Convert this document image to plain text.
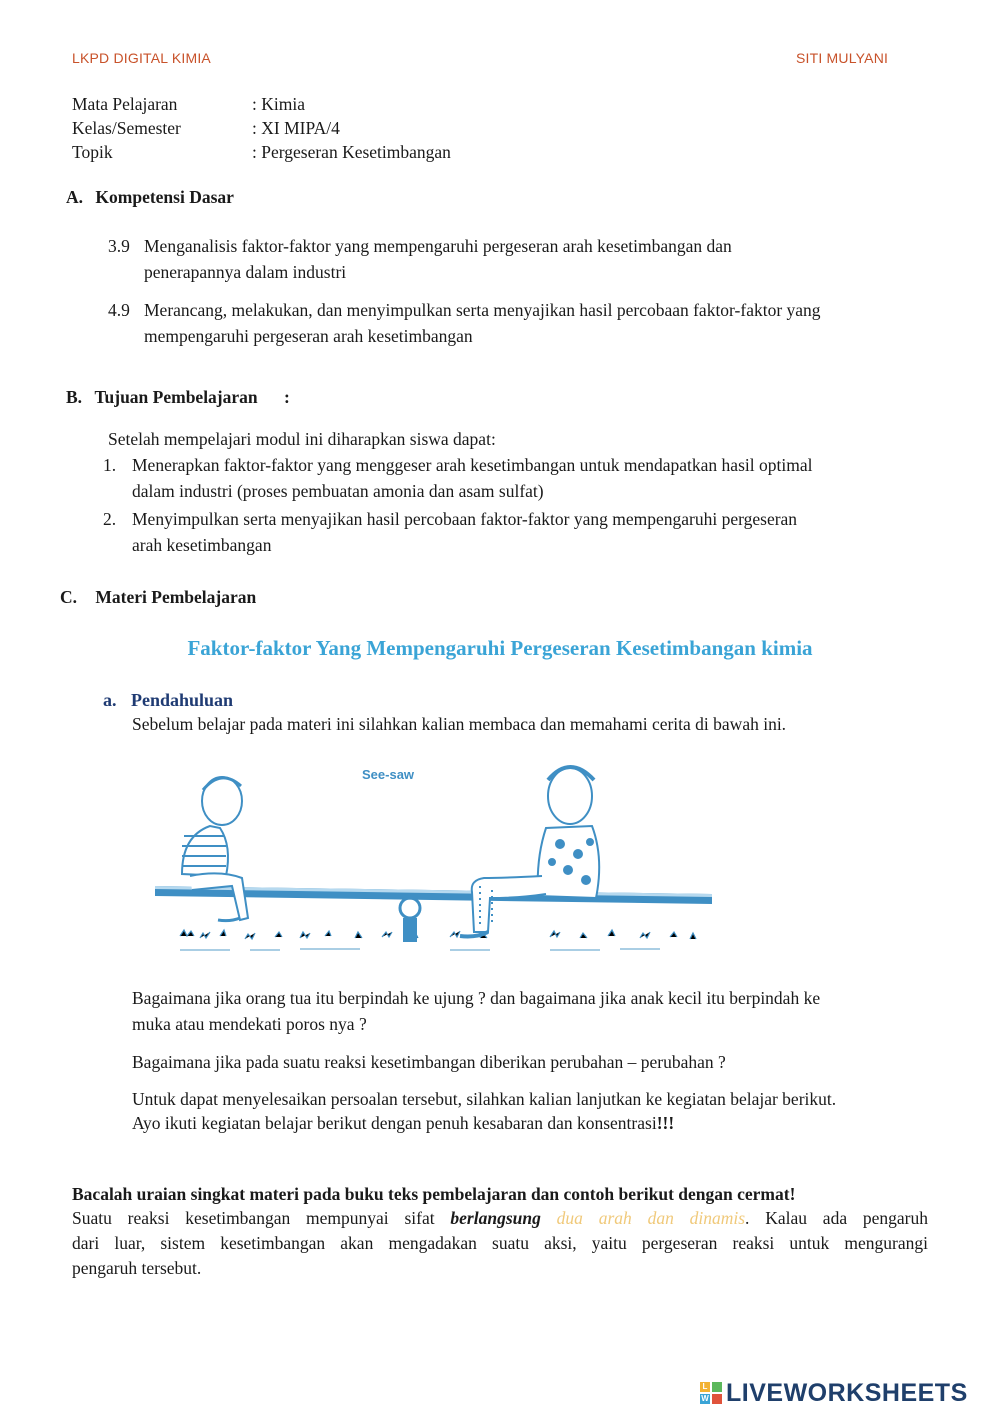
LKPD DIGITAL KIMIA	SITI MULYANI
Mata Pelajaran	: Kimia
Kelas/Semester	: XI MIPA/4
Topik	: Pergeseran Kesetimbangan
A. Kompetensi Dasar
3.9 Menganalisis faktor-faktor yang mempengaruhi pergeseran arah kesetimbangan dan
penerapannya dalam industri
4.9 Merancang, melakukan, dan menyimpulkan serta menyajikan hasil percobaan faktor-faktor yang
mempengaruhi pergeseran arah kesetimbangan
B. Tujuan Pembelajaran :
Setelah mempelajari modul ini diharapkan siswa dapat:
1. Menerapkan faktor-faktor yang menggeser arah kesetimbangan untuk mendapatkan hasil optimal
dalam industri (proses pembuatan amonia dan asam sulfat)
2. Menyimpulkan serta menyajikan hasil percobaan faktor-faktor yang mempengaruhi pergeseran
arah kesetimbangan
C. Materi Pembelajaran
Faktor-faktor Yang Mempengaruhi Pergeseran Kesetimbangan kimia
a. Pendahuluan
Sebelum belajar pada materi ini silahkan kalian membaca dan memahami cerita di bawah ini.
See-saw
Bagaimana jika orang tua itu berpindah ke ujung ? dan bagaimana jika anak kecil itu berpindah ke
muka atau mendekati poros nya ?
Bagaimana jika pada suatu reaksi kesetimbangan diberikan perubahan – perubahan ?
Untuk dapat menyelesaikan persoalan tersebut, silahkan kalian lanjutkan ke kegiatan belajar berikut.
Ayo ikuti kegiatan belajar berikut dengan penuh kesabaran dan konsentrasi!!!
Bacalah uraian singkat materi pada buku teks pembelajaran dan contoh berikut dengan cermat!
Suatu reaksi kesetimbangan mempunyai sifat berlangsung dua arah dan dinamis. Kalau ada pengaruh
dari luar, sistem kesetimbangan akan mengadakan suatu aksi, yaitu pergeseran reaksi untuk mengurangi
pengaruh tersebut.
L
W LIVEWORKSHEETS
